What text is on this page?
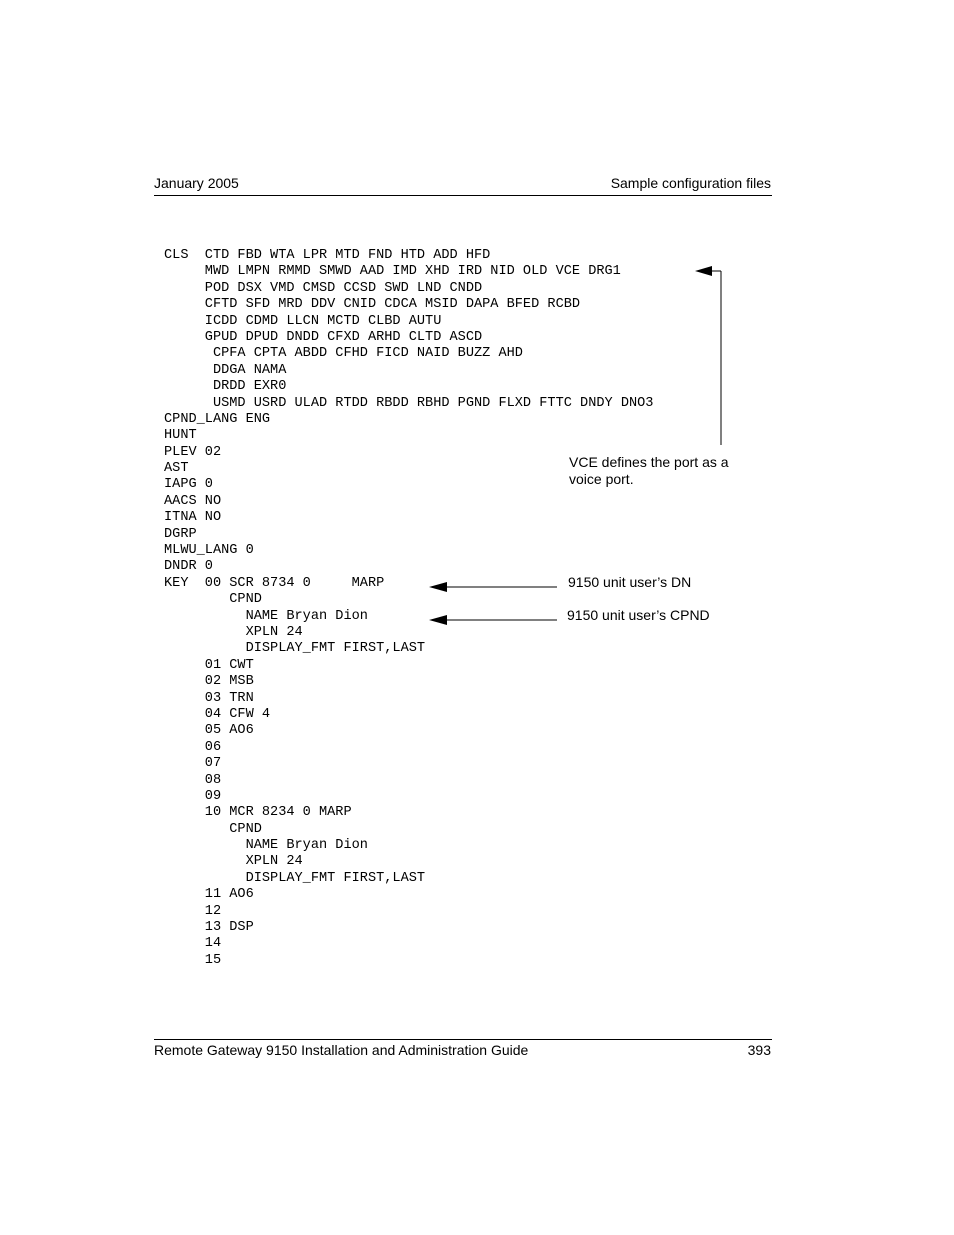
January 2005	Sample configuration files
CLS  CTD FBD WTA LPR MTD FND HTD ADD HFD
MWD LMPN RMMD SMWD AAD IMD XHD IRD NID OLD VCE DRG1
POD DSX VMD CMSD CCSD SWD LND CNDD
CFTD SFD MRD DDV CNID CDCA MSID DAPA BFED RCBD
ICDD CDMD LLCN MCTD CLBD AUTU
GPUD DPUD DNDD CFXD ARHD CLTD ASCD
CPFA CPTA ABDD CFHD FICD NAID BUZZ AHD
DDGA NAMA
DRDD EXR0
USMD USRD ULAD RTDD RBDD RBHD PGND FLXD FTTC DNDY DNO3
CPND_LANG ENG
HUNT
PLEV 02
AST
IAPG 0
AACS NO
ITNA NO
DGRP
MLWU_LANG 0
DNDR 0
KEY  00 SCR 8734 0     MARP
CPND
NAME Bryan Dion
XPLN 24
DISPLAY_FMT FIRST,LAST
01 CWT
02 MSB
03 TRN
04 CFW 4
05 AO6
06
07
08
09
10 MCR 8234 0 MARP
CPND
NAME Bryan Dion
XPLN 24
DISPLAY_FMT FIRST,LAST
11 AO6
12
13 DSP
14
15
VCE defines the port as a voice port.
9150 unit user’s DN
9150 unit user’s CPND
Remote Gateway 9150 Installation and Administration Guide	393
